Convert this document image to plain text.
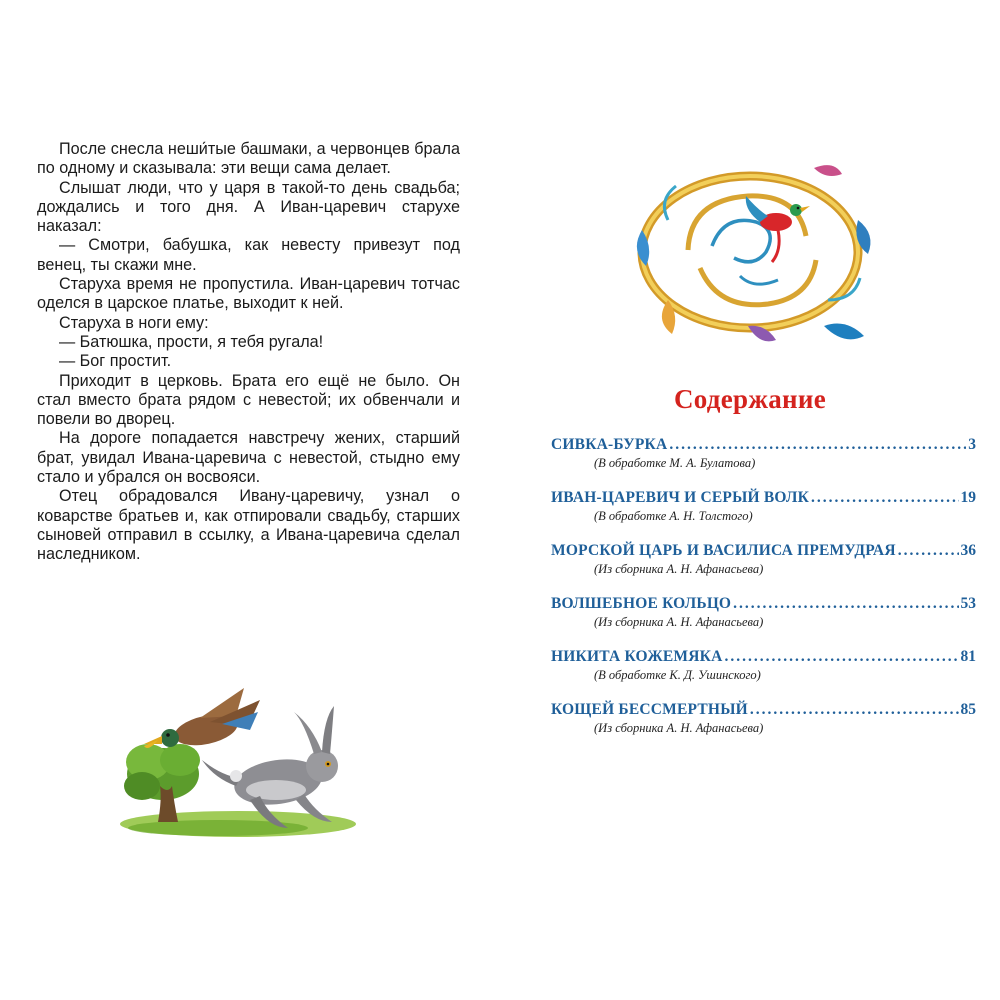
После снесла неши́тые башмаки, а червонцев брала по одному и сказывала: эти вещи сама делает.

Слышат люди, что у царя в такой-то день свадьба; дождались и того дня. А Иван-царевич старухе наказал:

— Смотри, бабушка, как невесту привезут под венец, ты скажи мне.

Старуха время не пропустила. Иван-царевич тотчас оделся в царское платье, выходит к ней.

Старуха в ноги ему:

— Батюшка, прости, я тебя ругала!

— Бог простит.

Приходит в церковь. Брата его ещё не было. Он стал вместо брата рядом с невестой; их обвенчали и повели во дворец.

На дороге попадается навстречу жених, старший брат, увидал Ивана-царевича с невестой, стыдно ему стало и убрался он восвояси.

Отец обрадовался Ивану-царевичу, узнал о коварстве братьев и, как отпировали свадьбу, старших сыновей отправил в ссылку, а Ивана-царевича сделал наследником.

Содержание
СИВКА-БУРКА .....	3
(В обработке М. А. Булатова)
ИВАН-ЦАРЕВИЧ И СЕРЫЙ ВОЛК .....	19
(В обработке А. Н. Толстого)
МОРСКОЙ ЦАРЬ И ВАСИЛИСА ПРЕМУДРАЯ .....	36
(Из сборника А. Н. Афанасьева)
ВОЛШЕБНОЕ КОЛЬЦО .....	53
(Из сборника А. Н. Афанасьева)
НИКИТА КОЖЕМЯКА .....	81
(В обработке К. Д. Ушинского)
КОЩЕЙ БЕССМЕРТНЫЙ .....	85
(Из сборника А. Н. Афанасьева)
